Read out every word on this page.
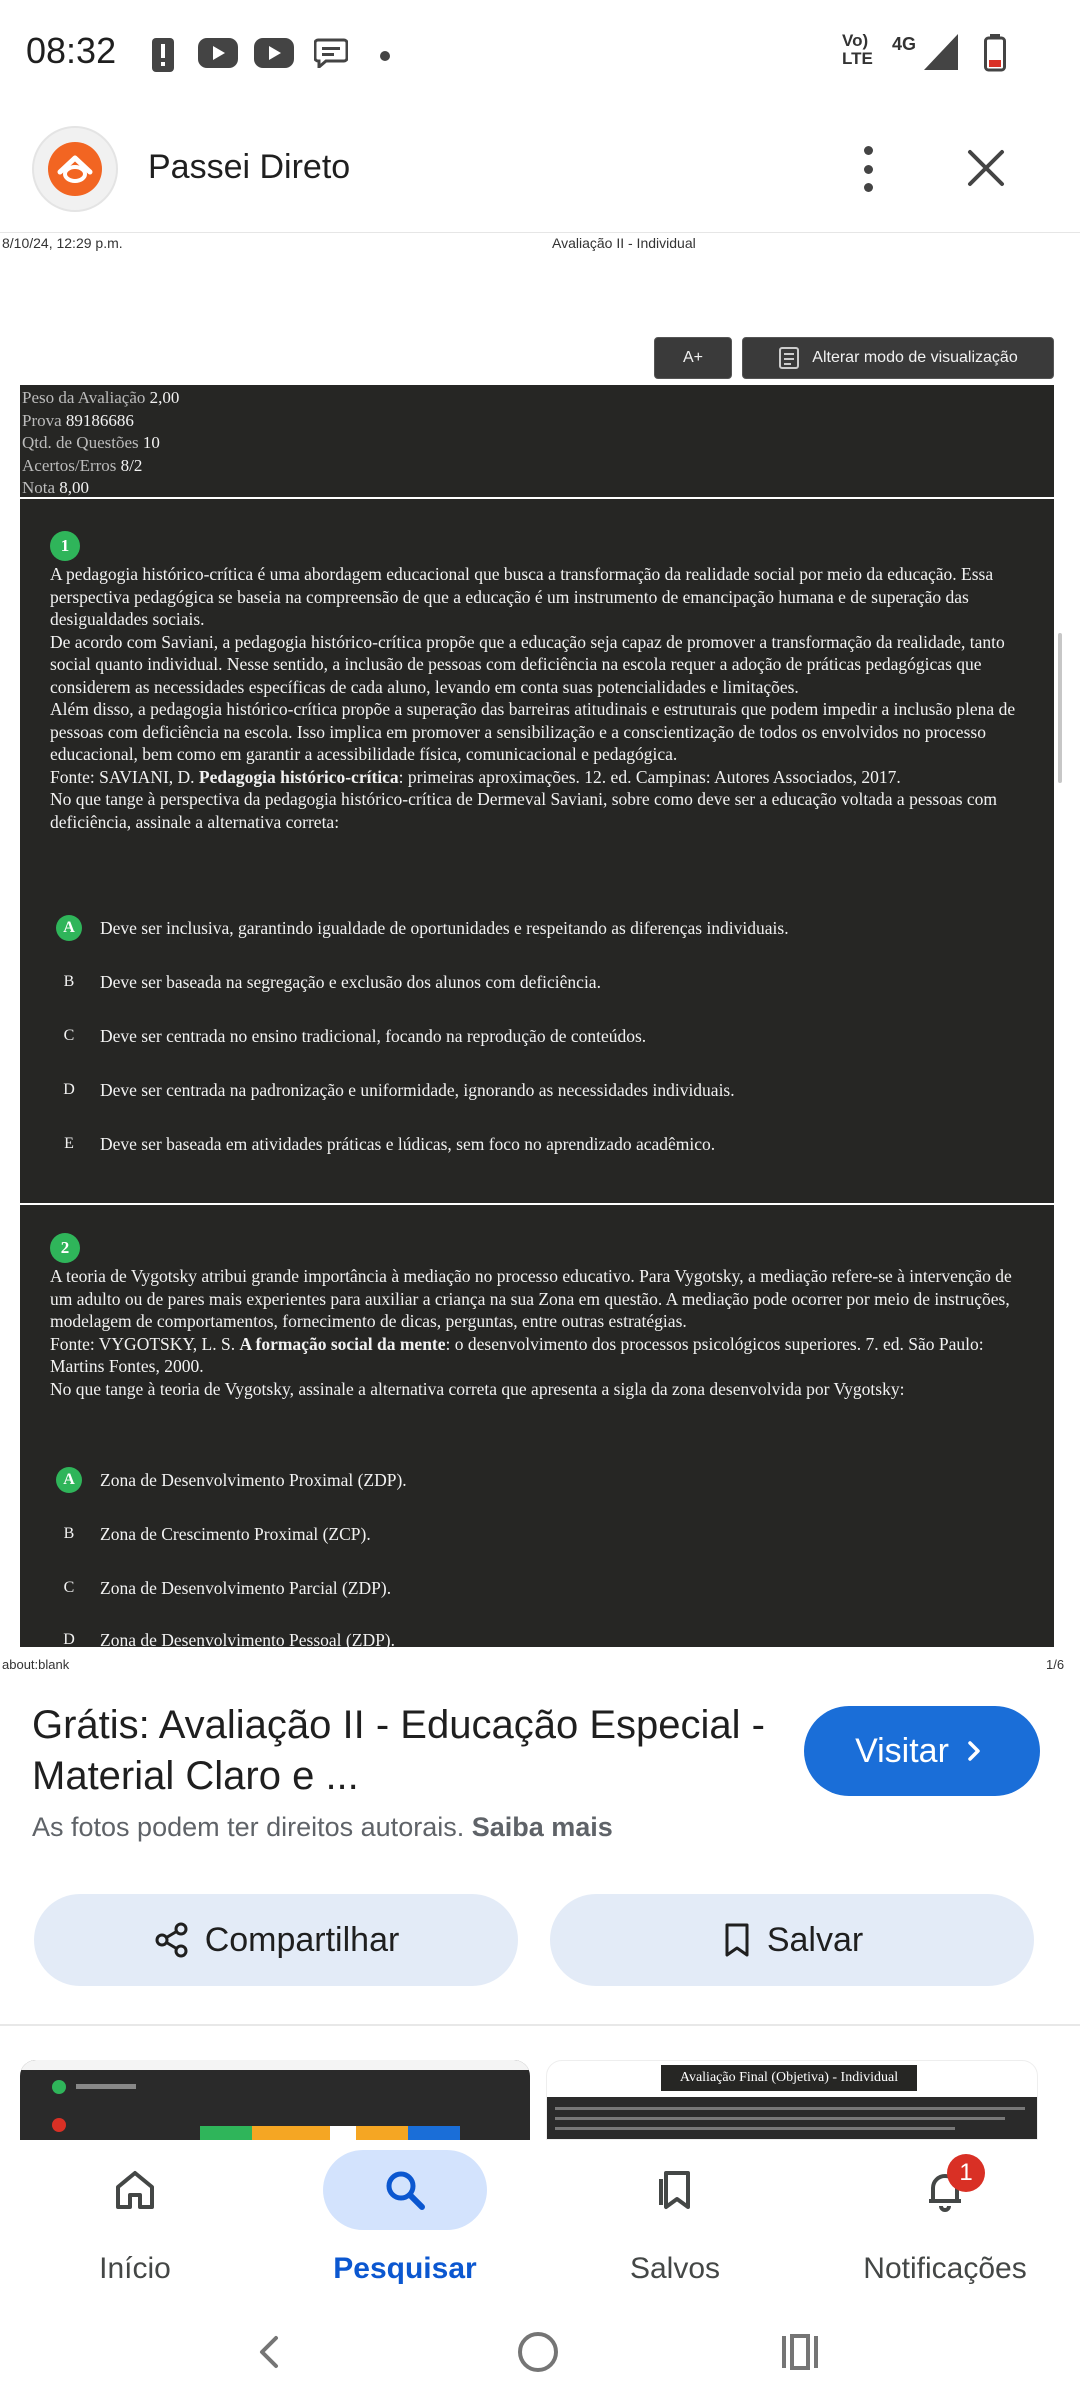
08:32	Vo)
LTE
4G
Passei Direto
8/10/24, 12:29 p.m.	Avaliação II - Individual
A+	Alterar modo de visualização
Peso da Avaliação 2,00
Prova 89186686
Qtd. de Questões 10
Acertos/Erros 8/2
Nota 8,00
1
A pedagogia histórico-crítica é uma abordagem educacional que busca a transformação da realidade social por meio da educação. Essa perspectiva pedagógica se baseia na compreensão de que a educação é um instrumento de emancipação humana e de superação das desigualdades sociais.
De acordo com Saviani, a pedagogia histórico-crítica propõe que a educação seja capaz de promover a transformação da realidade, tanto social quanto individual. Nesse sentido, a inclusão de pessoas com deficiência na escola requer a adoção de práticas pedagógicas que considerem as necessidades específicas de cada aluno, levando em conta suas potencialidades e limitações.
Além disso, a pedagogia histórico-crítica propõe a superação das barreiras atitudinais e estruturais que podem impedir a inclusão plena de pessoas com deficiência na escola. Isso implica em promover a sensibilização e a conscientização de todos os envolvidos no processo educacional, bem como em garantir a acessibilidade física, comunicacional e pedagógica.
Fonte: SAVIANI, D. Pedagogia histórico-crítica: primeiras aproximações. 12. ed. Campinas: Autores Associados, 2017.
No que tange à perspectiva da pedagogia histórico-crítica de Dermeval Saviani, sobre como deve ser a educação voltada a pessoas com deficiência, assinale a alternativa correta:
A	Deve ser inclusiva, garantindo igualdade de oportunidades e respeitando as diferenças individuais.
B	Deve ser baseada na segregação e exclusão dos alunos com deficiência.
C	Deve ser centrada no ensino tradicional, focando na reprodução de conteúdos.
D	Deve ser centrada na padronização e uniformidade, ignorando as necessidades individuais.
E	Deve ser baseada em atividades práticas e lúdicas, sem foco no aprendizado acadêmico.
2
A teoria de Vygotsky atribui grande importância à mediação no processo educativo. Para Vygotsky, a mediação refere-se à intervenção de um adulto ou de pares mais experientes para auxiliar a criança na sua Zona em questão. A mediação pode ocorrer por meio de instruções, modelagem de comportamentos, fornecimento de dicas, perguntas, entre outras estratégias.
Fonte: VYGOTSKY, L. S. A formação social da mente: o desenvolvimento dos processos psicológicos superiores. 7. ed. São Paulo: Martins Fontes, 2000.
No que tange à teoria de Vygotsky, assinale a alternativa correta que apresenta a sigla da zona desenvolvida por Vygotsky:
A	Zona de Desenvolvimento Proximal (ZDP).
B	Zona de Crescimento Proximal (ZCP).
C	Zona de Desenvolvimento Parcial (ZDP).
D	Zona de Desenvolvimento Pessoal (ZDP).
about:blank	1/6
Grátis: Avaliação II - Educação Especial - Material Claro e ...
As fotos podem ter direitos autorais. Saiba mais
Visitar
Compartilhar	Salvar
Avaliação Final (Objetiva) - Individual
Início	Pesquisar	Salvos
1
Notificações
